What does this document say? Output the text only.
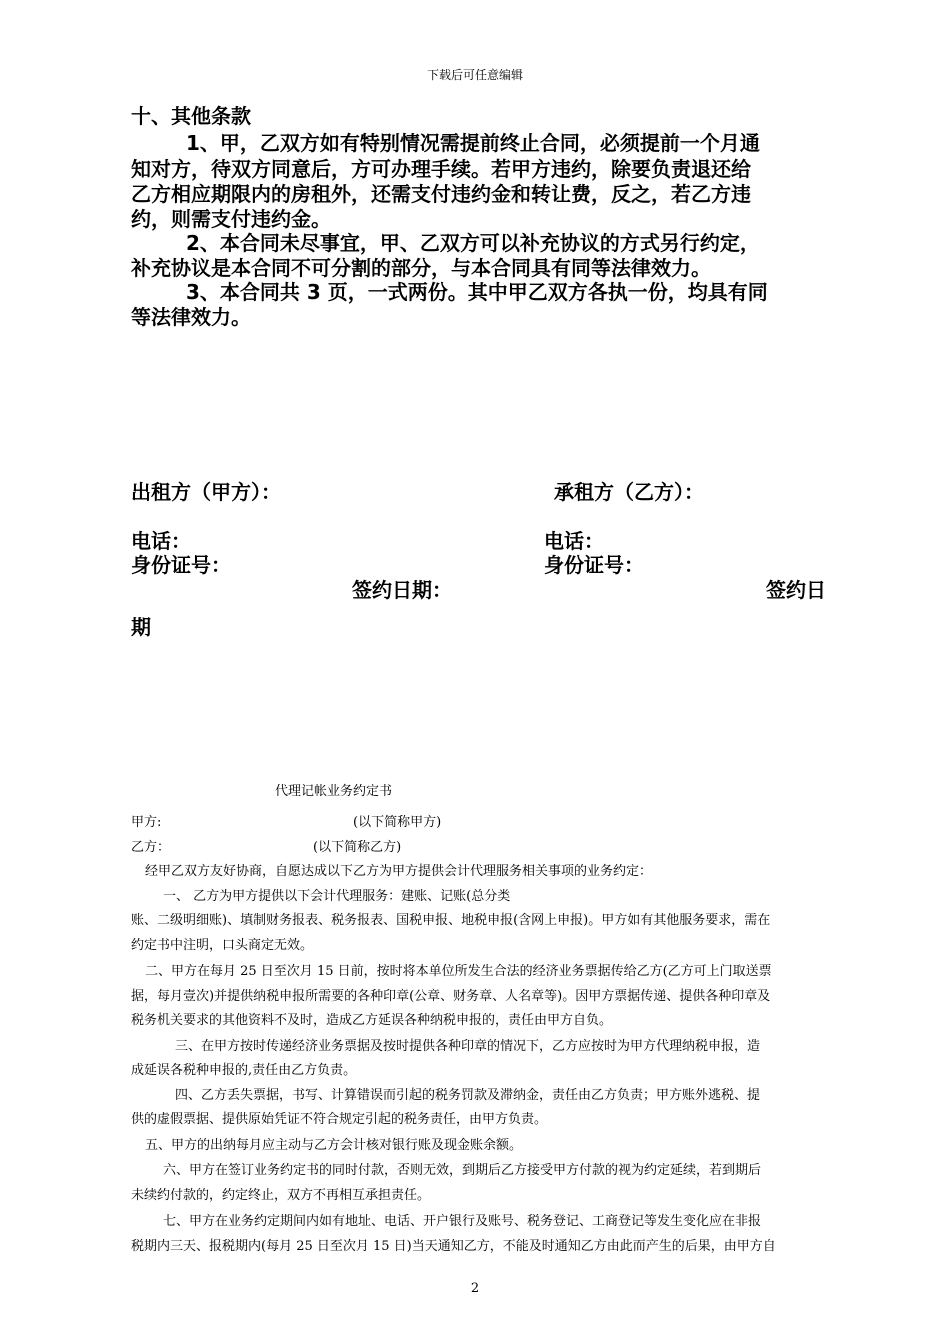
下载后可任意编辑
十、其他条款
1、甲，乙双方如有特别情况需提前终止合同，必须提前一个月通
知对方，待双方同意后，方可办理手续。若甲方违约，除要负责退还给
乙方相应期限内的房租外，还需支付违约金和转让费，反之，若乙方违
约，则需支付违约金。
2、本合同未尽事宜，甲、乙双方可以补充协议的方式另行约定，
补充协议是本合同不可分割的部分，与本合同具有同等法律效力。
3、本合同共 3 页，一式两份。其中甲乙双方各执一份，均具有同
等法律效力。
出租方（甲方）：	承租方（乙方）：
电话：	电话：
身份证号：	身份证号：
签约日期：	签约日
期
代理记帐业务约定书
甲方:	(以下简称甲方)
乙方：	(以下简称乙方)
经甲乙双方友好协商，自愿达成以下乙方为甲方提供会计代理服务相关事项的业务约定：
一、 乙方为甲方提供以下会计代理服务：建账、记账(总分类
账、二级明细账)、填制财务报表、税务报表、国税申报、地税申报(含网上申报)。甲方如有其他服务要求，需在
约定书中注明，口头商定无效。
二、甲方在每月 25 日至次月 15 日前，按时将本单位所发生合法的经济业务票据传给乙方(乙方可上门取送票
据，每月壹次)并提供纳税申报所需要的各种印章(公章、财务章、人名章等)。因甲方票据传递、提供各种印章及
税务机关要求的其他资料不及时，造成乙方延误各种纳税申报的，责任由甲方自负。
三、在甲方按时传递经济业务票据及按时提供各种印章的情况下，乙方应按时为甲方代理纳税申报，造
成延误各税种申报的,责任由乙方负责。
四、乙方丢失票据，书写、计算错误而引起的税务罚款及滞纳金，责任由乙方负责；甲方账外逃税、提
供的虚假票据、提供原始凭证不符合规定引起的税务责任，由甲方负责。
五、甲方的出纳每月应主动与乙方会计核对银行账及现金账余额。
六、甲方在签订业务约定书的同时付款，否则无效，到期后乙方接受甲方付款的视为约定延续，若到期后
未续约付款的，约定终止，双方不再相互承担责任。
七、甲方在业务约定期间内如有地址、电话、开户银行及账号、税务登记、工商登记等发生变化应在非报
税期内三天、报税期内(每月 25 日至次月 15 日)当天通知乙方，不能及时通知乙方由此而产生的后果，由甲方自
2
